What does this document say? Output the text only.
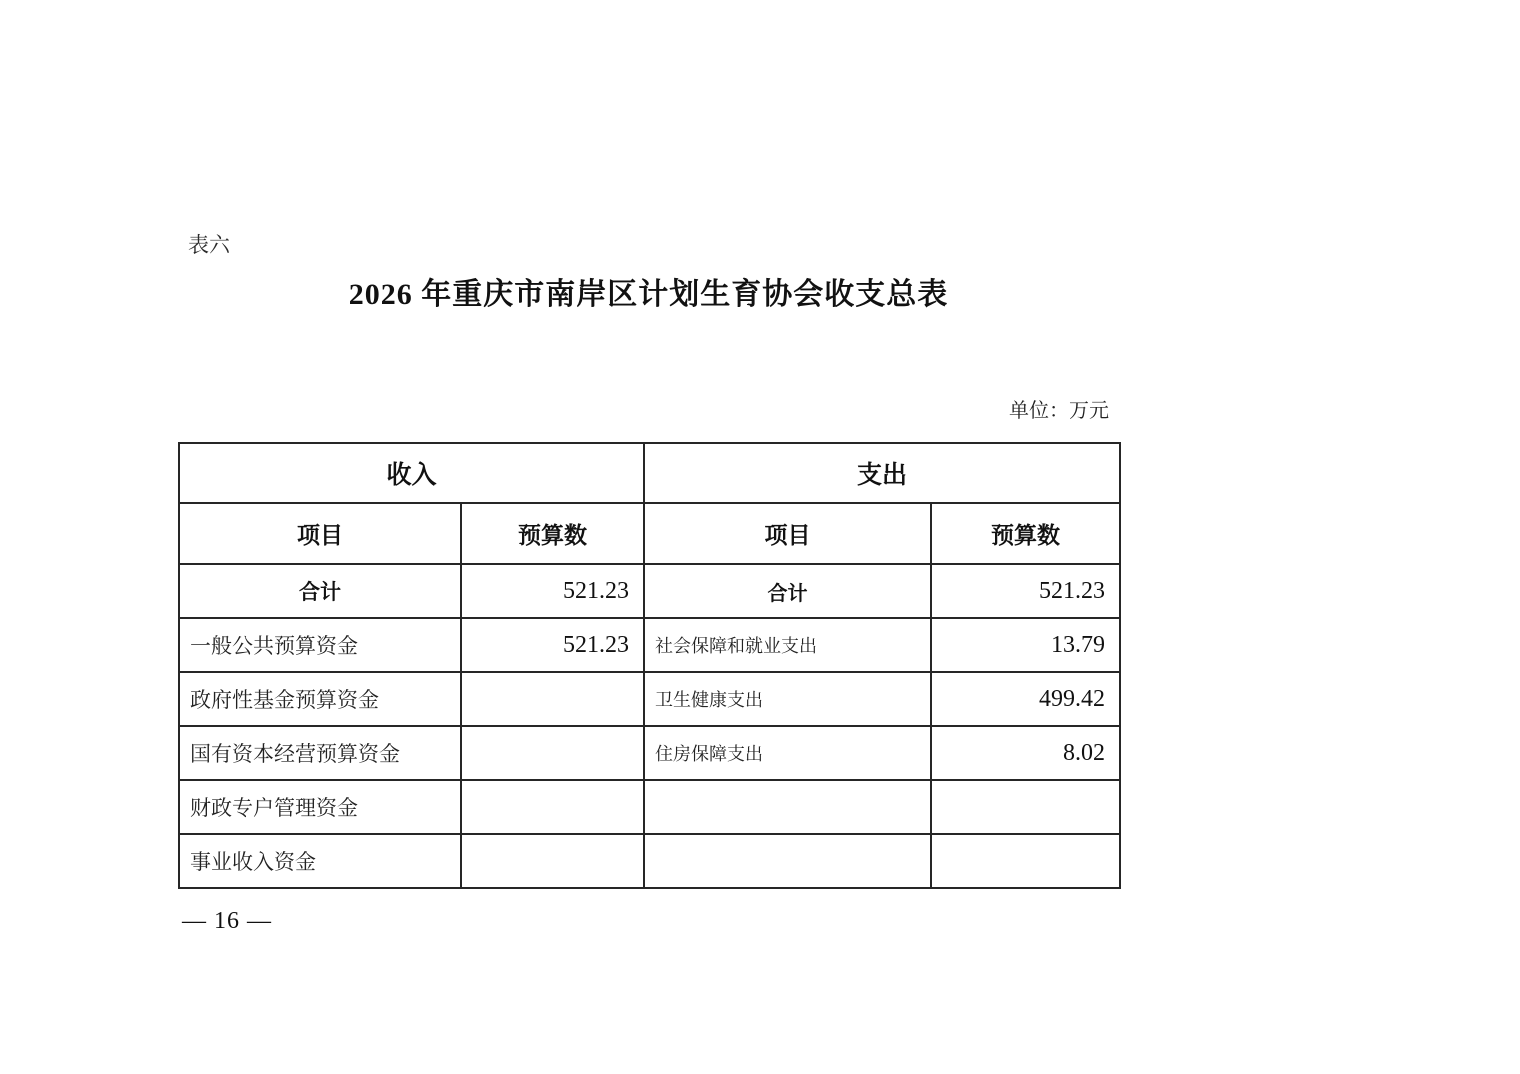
表六
2026 年重庆市南岸区计划生育协会收支总表
单位：万元
收入		支出	
项目	预算数	项目	预算数
合计	521.23	合计	521.23
一般公共预算资金	521.23	社会保障和就业支出	13.79
政府性基金预算资金		卫生健康支出	499.42
国有资本经营预算资金		住房保障支出	8.02
财政专户管理资金			
事业收入资金			
— 16 —
